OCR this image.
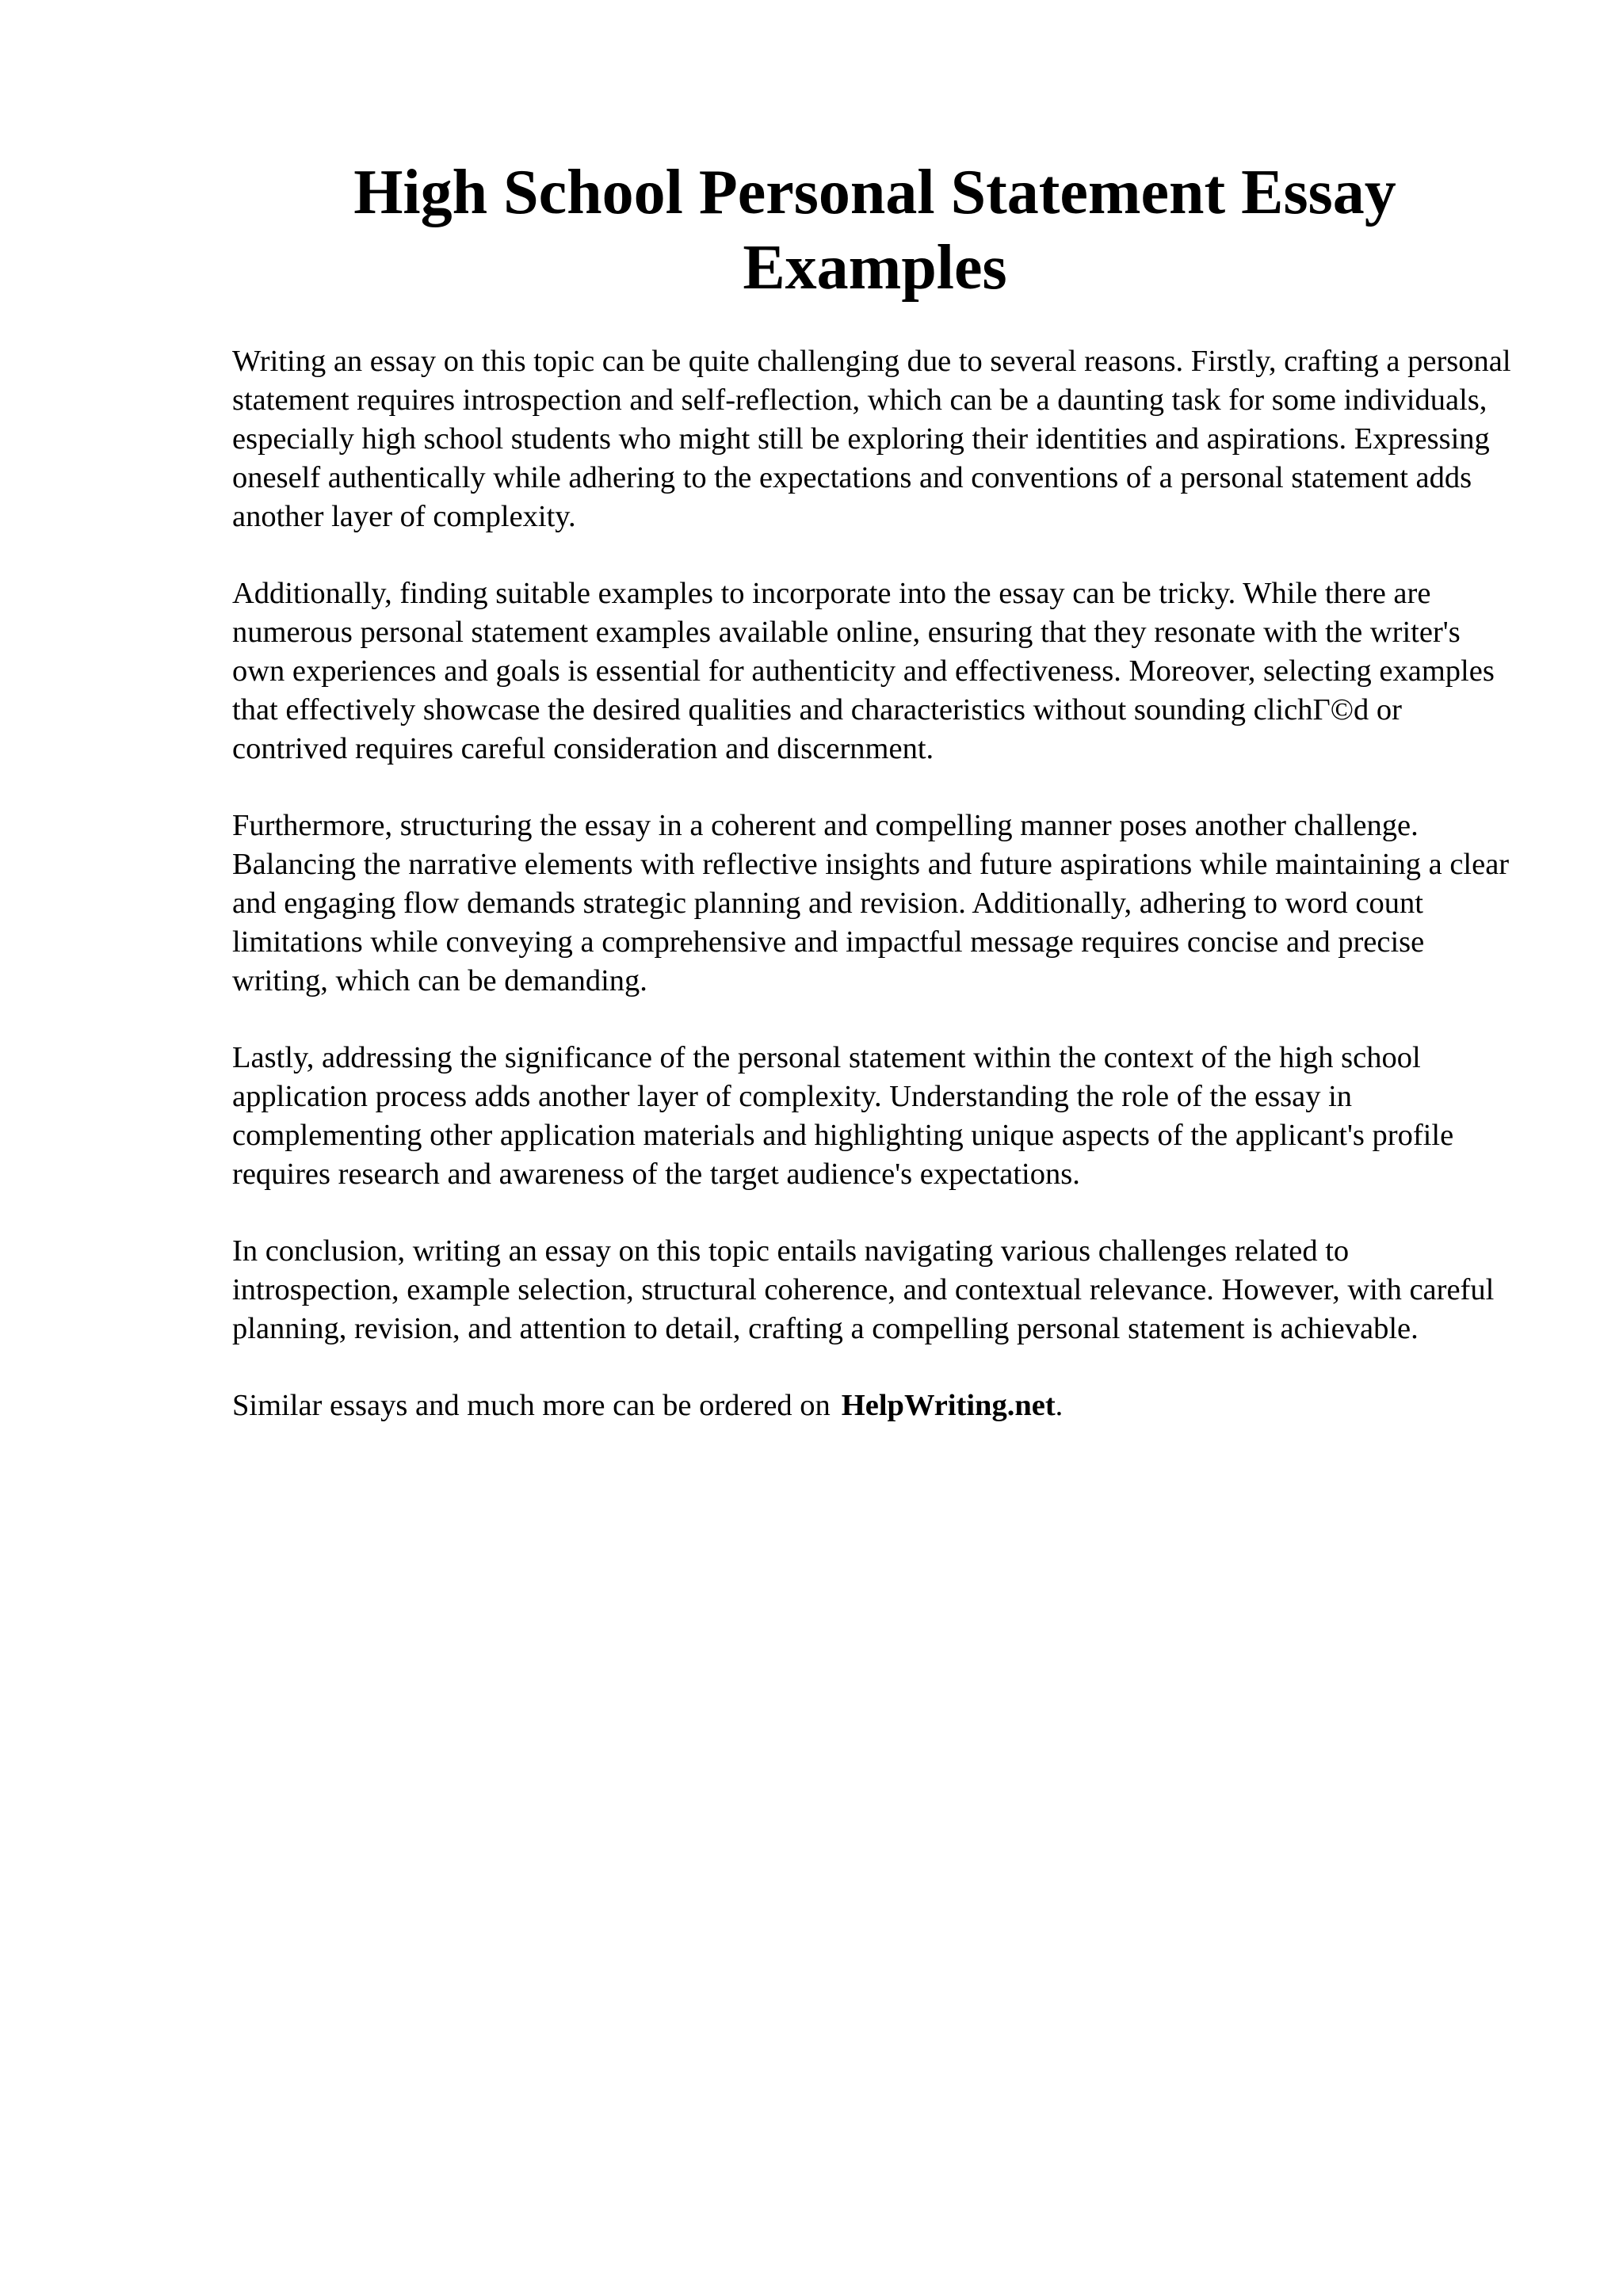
High School Personal Statement Essay Examples

Writing an essay on this topic can be quite challenging due to several reasons. Firstly, crafting a personal statement requires introspection and self-reflection, which can be a daunting task for some individuals, especially high school students who might still be exploring their identities and aspirations. Expressing oneself authentically while adhering to the expectations and conventions of a personal statement adds another layer of complexity.

Additionally, finding suitable examples to incorporate into the essay can be tricky. While there are numerous personal statement examples available online, ensuring that they resonate with the writer's own experiences and goals is essential for authenticity and effectiveness. Moreover, selecting examples that effectively showcase the desired qualities and characteristics without sounding clichΓ©d or contrived requires careful consideration and discernment.

Furthermore, structuring the essay in a coherent and compelling manner poses another challenge. Balancing the narrative elements with reflective insights and future aspirations while maintaining a clear and engaging flow demands strategic planning and revision. Additionally, adhering to word count limitations while conveying a comprehensive and impactful message requires concise and precise writing, which can be demanding.

Lastly, addressing the significance of the personal statement within the context of the high school application process adds another layer of complexity. Understanding the role of the essay in complementing other application materials and highlighting unique aspects of the applicant's profile requires research and awareness of the target audience's expectations.

In conclusion, writing an essay on this topic entails navigating various challenges related to introspection, example selection, structural coherence, and contextual relevance. However, with careful planning, revision, and attention to detail, crafting a compelling personal statement is achievable.

Similar essays and much more can be ordered on HelpWriting.net.
